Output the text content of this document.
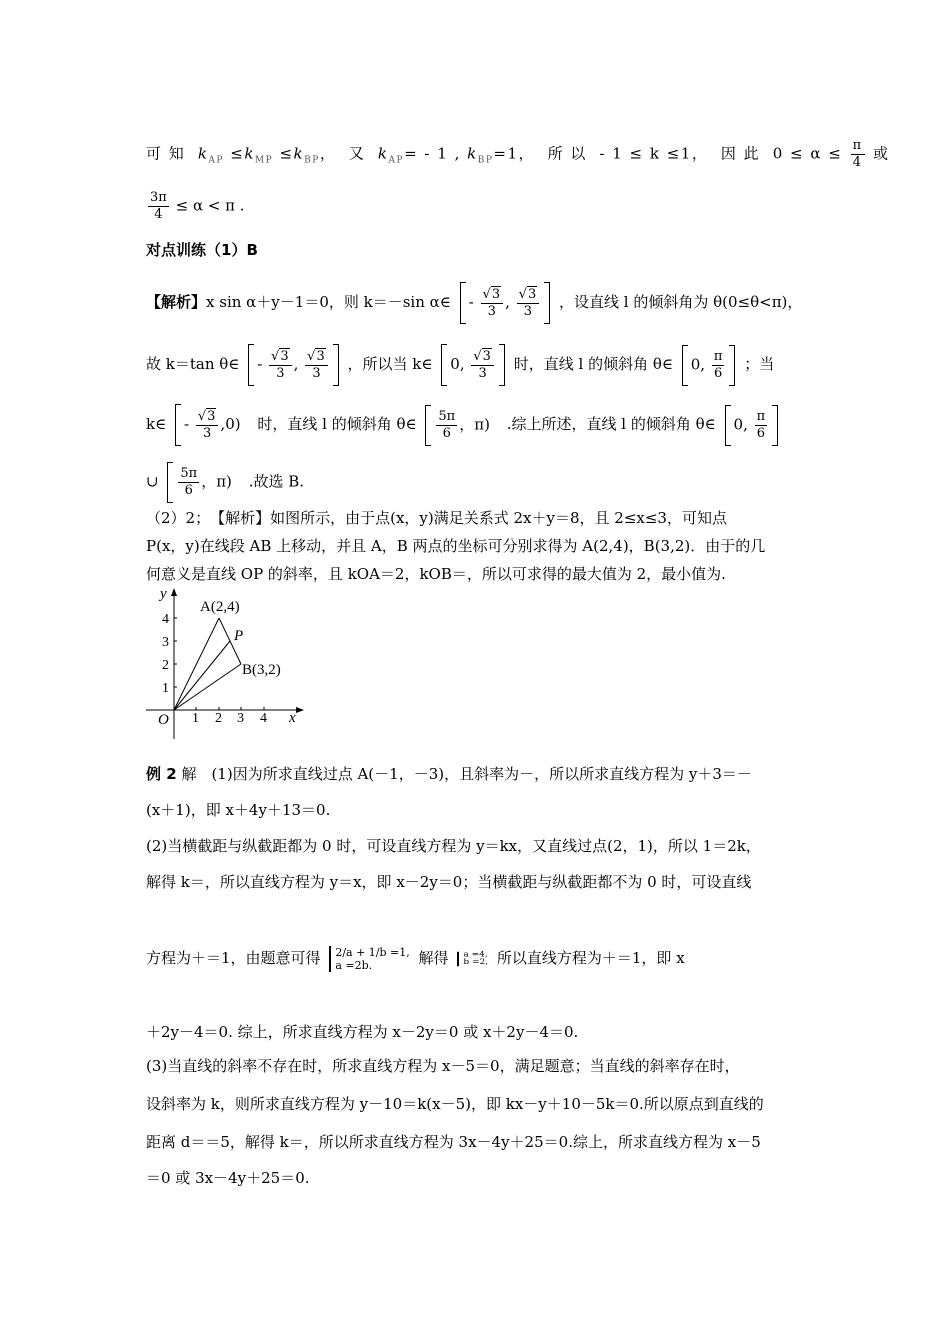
可 知 $k_{AP} \le k_{MP} \le k_{BP}$，  又 $k_{AP}= - 1$ , $k_{BP}=1$， 所 以 - 1 ≤ k ≤1， 因 此 $0 \le \alpha \le \frac{\pi}{4}$ 或
$\frac{3\pi}{4} \le \alpha < \pi$ .
对点训练（1）B
【解析】x sin α＋y－1＝0，则 k＝－sin α∈ - $\frac{√3}{3}$ , $\frac{√3}{3}$ ，设直线 l 的倾斜角为 θ(0≤θ<π)，
故 k＝tan θ∈ - $\frac{√3}{3}$ , $\frac{√3}{3}$ ，所以当 k∈ 0, $\frac{√3}{3}$ 时，直线 l 的倾斜角 θ∈ 0, $\frac{\pi}{6}$ ；当
k∈ - $\frac{√3}{3} ,0$) 时，直线 l 的倾斜角 θ∈ $\frac{5\pi}{6}$ ，π) .综上所述，直线 l 的倾斜角 θ∈ 0, $\frac{\pi}{6}$
∪ $\frac{5\pi}{6}$ ，π) .故选 B.
（2）2；　【解析】如图所示，由于点(x，y)满足关系式 2x＋y＝8，且 2≤x≤3，可知点
P(x，y)在线段 AB 上移动，并且 A，B 两点的坐标可分别求得为 A(2,4)，B(3,2)．由于的几
何意义是直线 OP 的斜率，且 kOA＝2，kOB＝，所以可求得的最大值为 2，最小值为.
y
x
O
A(2,4)
P
B(3,2)
1 2 3 4
1
2
3
4
例 2 解　(1)因为所求直线过点 A(－1，－3)，且斜率为－，所以所求直线方程为 y＋3＝－
(x＋1)，即 x＋4y＋13＝0.
(2)当横截距与纵截距都为 0 时，可设直线方程为 y＝kx，又直线过点(2，1)，所以 1＝2k，
解得 k＝，所以直线方程为 y＝x，即 x－2y＝0；当横截距与纵截距都不为 0 时，可设直线
方程为＋＝1，由题意可得 2/a + 1/b =1,
a =2b.	解得 a =4,
b =2, 所以直线方程为＋＝1，即 x
＋2y－4＝0. 综上，所求直线方程为 x－2y＝0 或 x＋2y－4＝0.
(3)当直线的斜率不存在时，所求直线方程为 x－5＝0，满足题意；当直线的斜率存在时，
设斜率为 k，则所求直线方程为 y－10＝k(x－5)，即 kx－y＋10－5k＝0.所以原点到直线的
距离 d＝＝5，解得 k＝，所以所求直线方程为 3x－4y＋25＝0.综上，所求直线方程为 x－5
＝0 或 3x－4y＋25＝0.
